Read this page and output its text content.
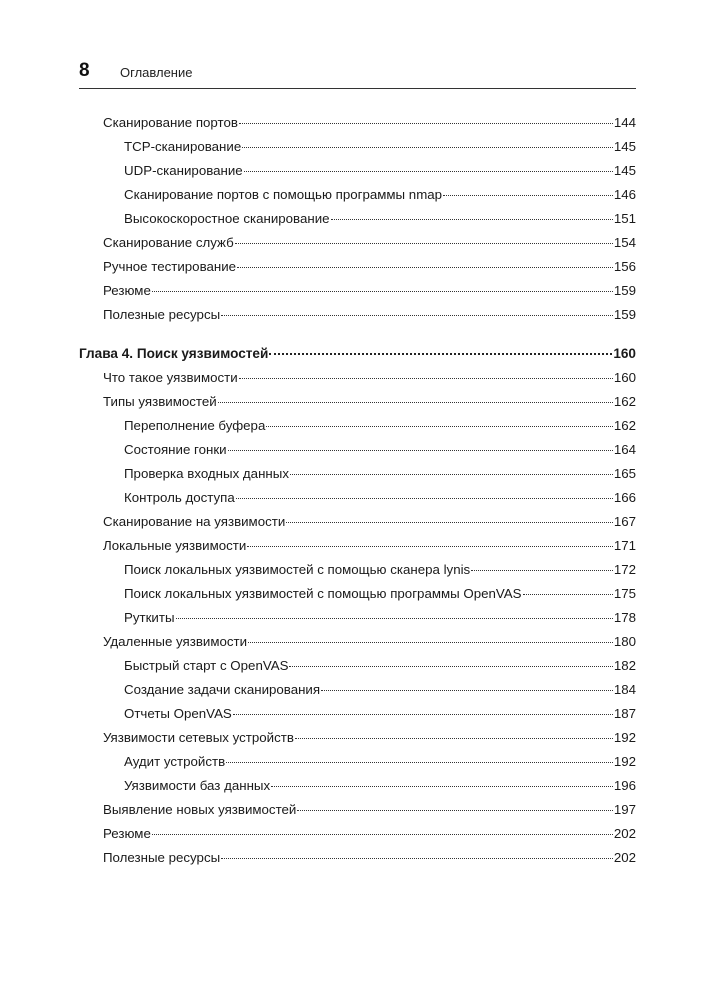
8 Оглавление
Сканирование портов	144
TCP-сканирование	145
UDP-сканирование	145
Сканирование портов с помощью программы nmap	146
Высокоскоростное сканирование	151
Сканирование служб	154
Ручное тестирование	156
Резюме	159
Полезные ресурсы	159
Глава 4. Поиск уязвимостей	160
Что такое уязвимости	160
Типы уязвимостей	162
Переполнение буфера	162
Состояние гонки	164
Проверка входных данных	165
Контроль доступа	166
Сканирование на уязвимости	167
Локальные уязвимости	171
Поиск локальных уязвимостей с помощью сканера lynis	172
Поиск локальных уязвимостей с помощью программы OpenVAS	175
Руткиты	178
Удаленные уязвимости	180
Быстрый старт с OpenVAS	182
Создание задачи сканирования	184
Отчеты OpenVAS	187
Уязвимости сетевых устройств	192
Аудит устройств	192
Уязвимости баз данных	196
Выявление новых уязвимостей	197
Резюме	202
Полезные ресурсы	202
